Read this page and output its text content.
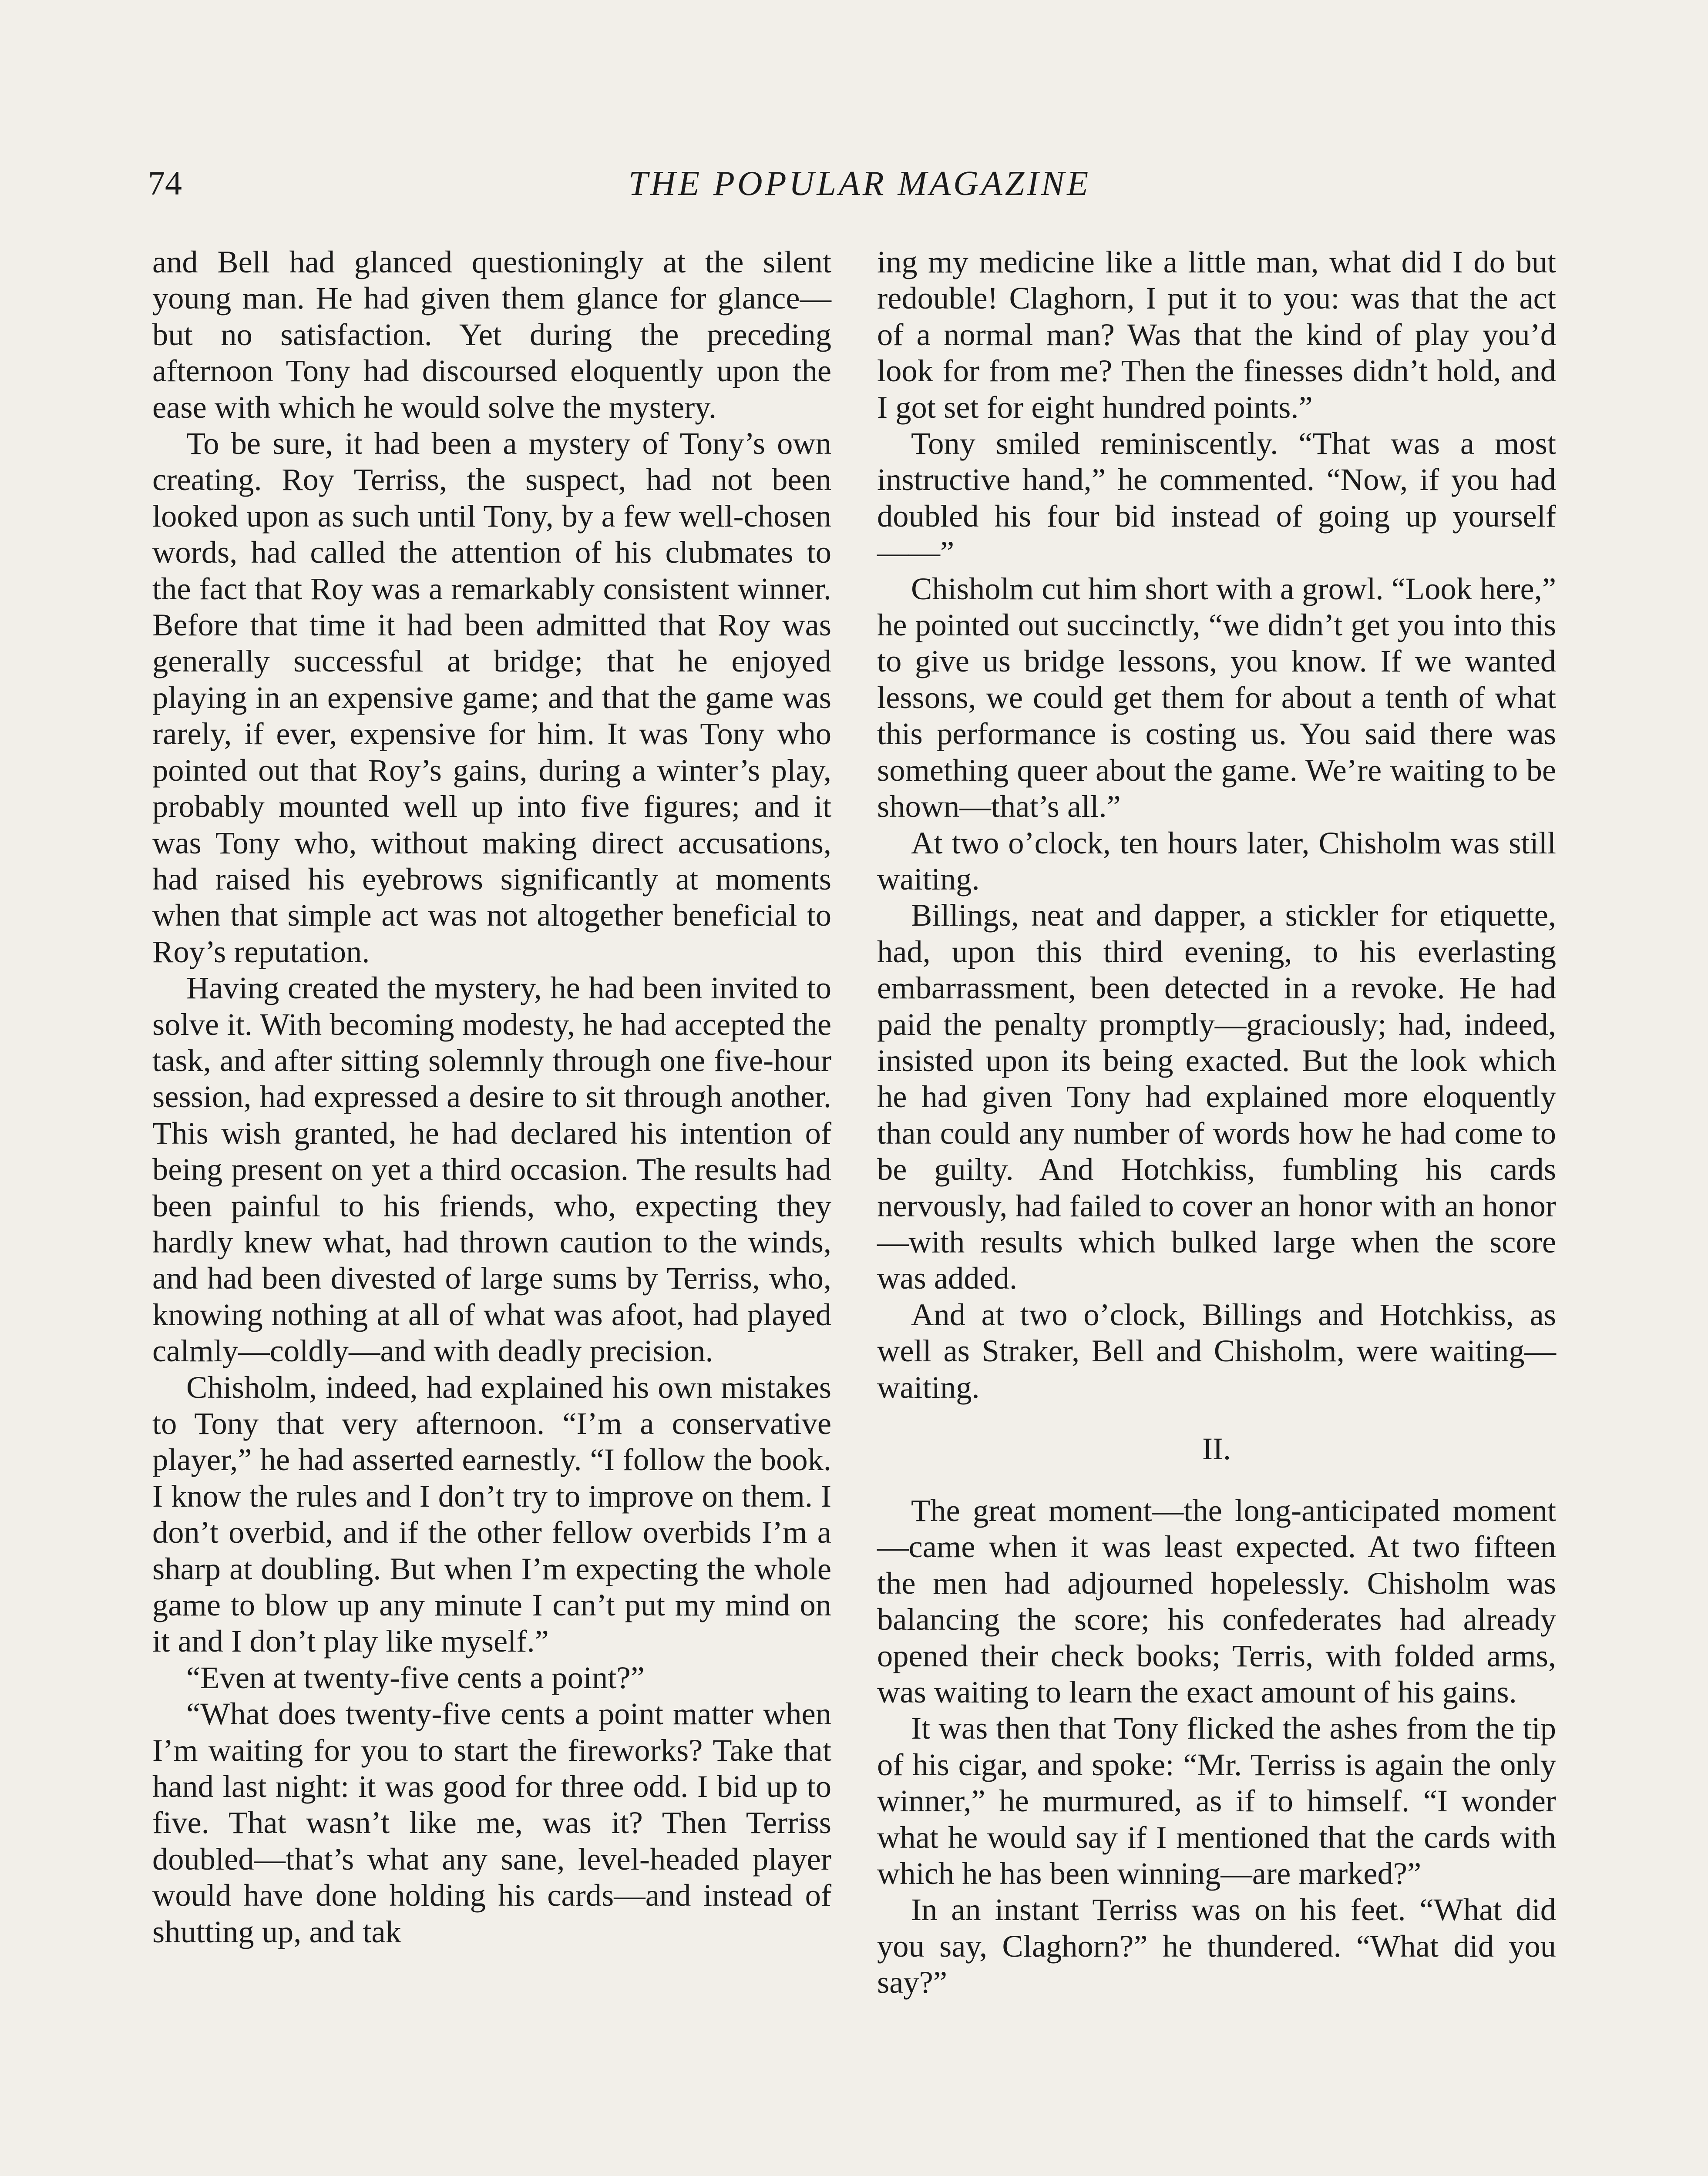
74	THE POPULAR MAGAZINE

and Bell had glanced questioningly at the silent young man. He had given them glance for glance—but no satisfaction. Yet during the preceding afternoon Tony had discoursed eloquently upon the ease with which he would solve the mystery.

To be sure, it had been a mystery of Tony’s own creating. Roy Terriss, the suspect, had not been looked upon as such until Tony, by a few well-chosen words, had called the attention of his clubmates to the fact that Roy was a remarkably consistent winner. Before that time it had been admitted that Roy was generally successful at bridge; that he enjoyed playing in an expensive game; and that the game was rarely, if ever, expensive for him. It was Tony who pointed out that Roy’s gains, during a winter’s play, probably mounted well up into five figures; and it was Tony who, without making direct accusations, had raised his eyebrows significantly at moments when that simple act was not altogether beneficial to Roy’s reputation.

Having created the mystery, he had been invited to solve it. With becoming modesty, he had accepted the task, and after sitting solemnly through one five-hour session, had expressed a desire to sit through another. This wish granted, he had declared his intention of being present on yet a third occasion. The results had been painful to his friends, who, expecting they hardly knew what, had thrown caution to the winds, and had been divested of large sums by Terriss, who, knowing nothing at all of what was afoot, had played calmly—coldly—and with deadly precision.

Chisholm, indeed, had explained his own mistakes to Tony that very afternoon. “I’m a conservative player,” he had asserted earnestly. “I follow the book. I know the rules and I don’t try to improve on them. I don’t overbid, and if the other fellow overbids I’m a sharp at doubling. But when I’m expecting the whole game to blow up any minute I can’t put my mind on it and I don’t play like myself.”

“Even at twenty-five cents a point?”

“What does twenty-five cents a point matter when I’m waiting for you to start the fireworks? Take that hand last night: it was good for three odd. I bid up to five. That wasn’t like me, was it? Then Terriss doubled—that’s what any sane, level-headed player would have done holding his cards—and instead of shutting up, and tak

ing my medicine like a little man, what did I do but redouble! Claghorn, I put it to you: was that the act of a normal man? Was that the kind of play you’d look for from me? Then the finesses didn’t hold, and I got set for eight hundred points.”

Tony smiled reminiscently. “That was a most instructive hand,” he commented. “Now, if you had doubled his four bid instead of going up yourself——”

Chisholm cut him short with a growl. “Look here,” he pointed out succinctly, “we didn’t get you into this to give us bridge lessons, you know. If we wanted lessons, we could get them for about a tenth of what this performance is costing us. You said there was something queer about the game. We’re waiting to be shown—that’s all.”

At two o’clock, ten hours later, Chisholm was still waiting.

Billings, neat and dapper, a stickler for etiquette, had, upon this third evening, to his everlasting embarrassment, been detected in a revoke. He had paid the penalty promptly—graciously; had, indeed, insisted upon its being exacted. But the look which he had given Tony had explained more eloquently than could any number of words how he had come to be guilty. And Hotchkiss, fumbling his cards nervously, had failed to cover an honor with an honor —with results which bulked large when the score was added.

And at two o’clock, Billings and Hotchkiss, as well as Straker, Bell and Chisholm, were waiting—waiting.

II.

The great moment—the long-anticipated moment—came when it was least expected. At two fifteen the men had adjourned hopelessly. Chisholm was balancing the score; his confederates had already opened their check books; Terris, with folded arms, was waiting to learn the exact amount of his gains.

It was then that Tony flicked the ashes from the tip of his cigar, and spoke: “Mr. Terriss is again the only winner,” he murmured, as if to himself. “I wonder what he would say if I mentioned that the cards with which he has been winning—are marked?”

In an instant Terriss was on his feet. “What did you say, Claghorn?” he thundered. “What did you say?”
